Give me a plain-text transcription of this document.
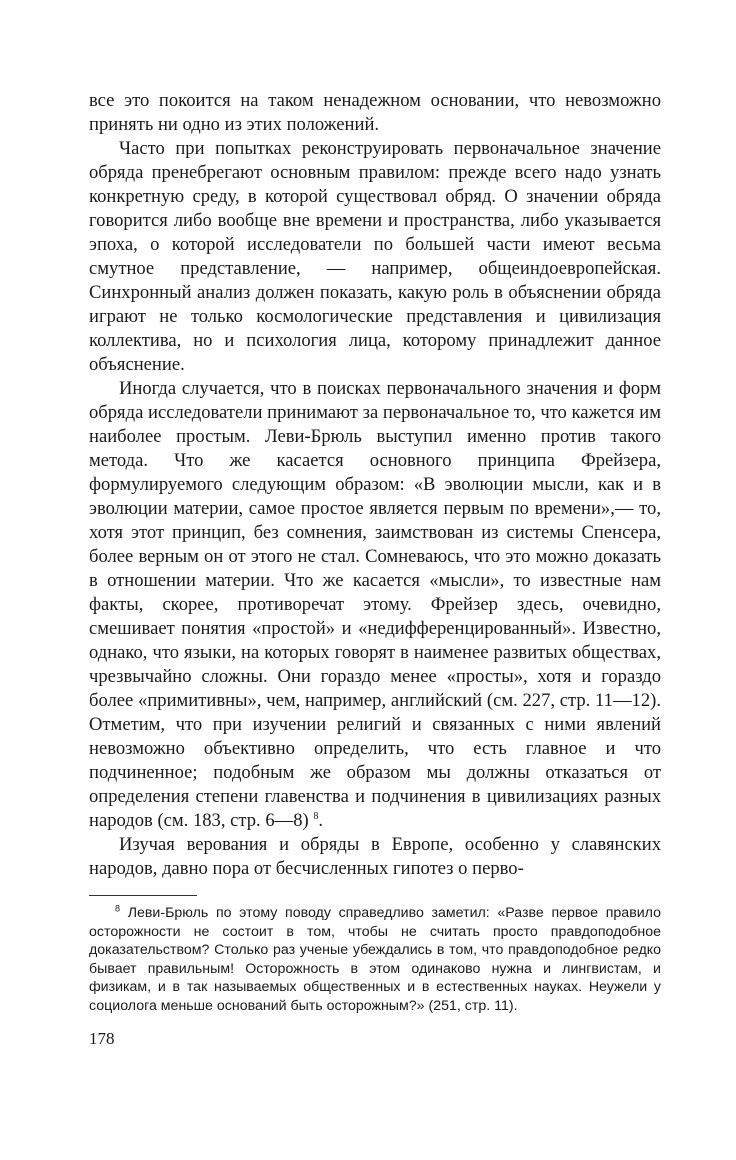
все это покоится на таком ненадежном основании, что невозможно принять ни одно из этих положений.

Часто при попытках реконструировать первоначальное значение обряда пренебрегают основным правилом: прежде всего надо узнать конкретную среду, в которой существовал обряд. О значении обряда говорится либо вообще вне времени и пространства, либо указывается эпоха, о которой исследователи по большей части имеют весьма смутное представление, — например, общеиндоевропейская. Синхронный анализ должен показать, какую роль в объяснении обряда играют не только космологические представления и цивилизация коллектива, но и психология лица, которому принадлежит данное объяснение.

Иногда случается, что в поисках первоначального значения и форм обряда исследователи принимают за первоначальное то, что кажется им наиболее простым. Леви-Брюль выступил именно против такого метода. Что же касается основного принципа Фрейзера, формулируемого следующим образом: «В эволюции мысли, как и в эволюции материи, самое простое является первым по времени»,— то, хотя этот принцип, без сомнения, заимствован из системы Спенсера, более верным он от этого не стал. Сомневаюсь, что это можно доказать в отношении материи. Что же касается «мысли», то известные нам факты, скорее, противоречат этому. Фрейзер здесь, очевидно, смешивает понятия «простой» и «недифференцированный». Известно, однако, что языки, на которых говорят в наименее развитых обществах, чрезвычайно сложны. Они гораздо менее «просты», хотя и гораздо более «примитивны», чем, например, английский (см. 227, стр. 11—12). Отметим, что при изучении религий и связанных с ними явлений невозможно объективно определить, что есть главное и что подчиненное; подобным же образом мы должны отказаться от определения степени главенства и подчинения в цивилизациях разных народов (см. 183, стр. 6—8) $^8$.

Изучая верования и обряды в Европе, особенно у славянских народов, давно пора от бесчисленных гипотез о перво-

$^8$ Леви-Брюль по этому поводу справедливо заметил: «Разве первое правило осторожности не состоит в том, чтобы не считать просто правдоподобное доказательством? Столько раз ученые убеждались в том, что правдоподобное редко бывает правильным! Осторожность в этом одинаково нужна и лингвистам, и физикам, и в так называемых общественных и в естественных науках. Неужели у социолога меньше оснований быть осторожным?» (251, стр. 11).

178
